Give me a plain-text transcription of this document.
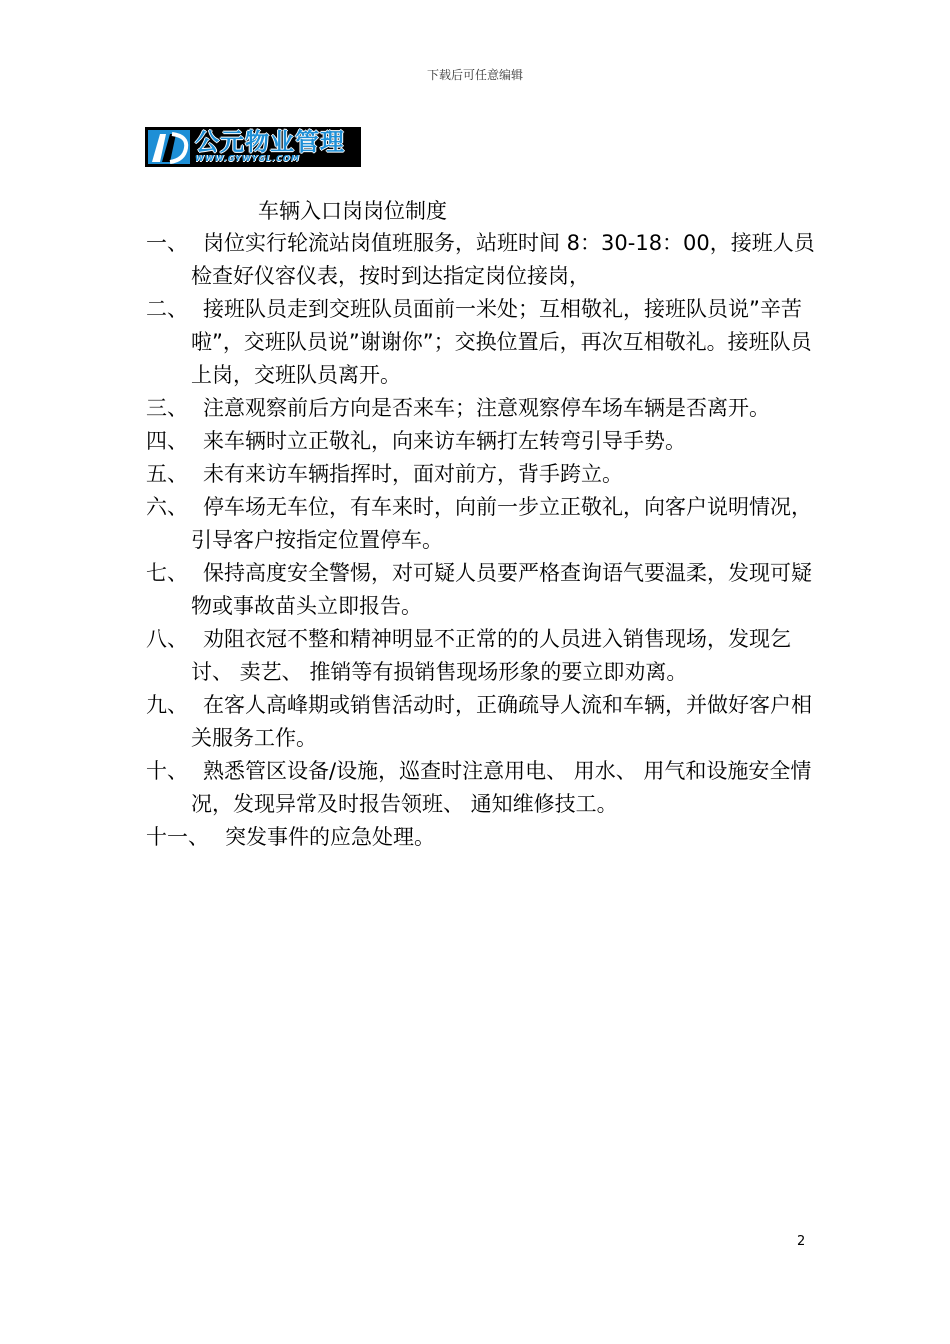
下载后可任意编辑
公元物业管理
WWW.GYWYGL.COM
车辆入口岗岗位制度
一、 岗位实行轮流站岗值班服务，站班时间 8：30-18：00，接班人员检查好仪容仪表，按时到达指定岗位接岗，
二、 接班队员走到交班队员面前一米处；互相敬礼，接班队员说”辛苦啦”，交班队员说”谢谢你”；交换位置后，再次互相敬礼。接班队员上岗，交班队员离开。
三、 注意观察前后方向是否来车；注意观察停车场车辆是否离开。
四、 来车辆时立正敬礼，向来访车辆打左转弯引导手势。
五、 未有来访车辆指挥时，面对前方，背手跨立。
六、 停车场无车位，有车来时，向前一步立正敬礼，向客户说明情况，引导客户按指定位置停车。
七、 保持高度安全警惕，对可疑人员要严格查询语气要温柔，发现可疑物或事故苗头立即报告。
八、 劝阻衣冠不整和精神明显不正常的的人员进入销售现场，发现乞讨、 卖艺、 推销等有损销售现场形象的要立即劝离。
九、 在客人高峰期或销售活动时，正确疏导人流和车辆，并做好客户相关服务工作。
十、 熟悉管区设备/设施，巡查时注意用电、 用水、 用气和设施安全情况，发现异常及时报告领班、 通知维修技工。
十一、 突发事件的应急处理。
2
